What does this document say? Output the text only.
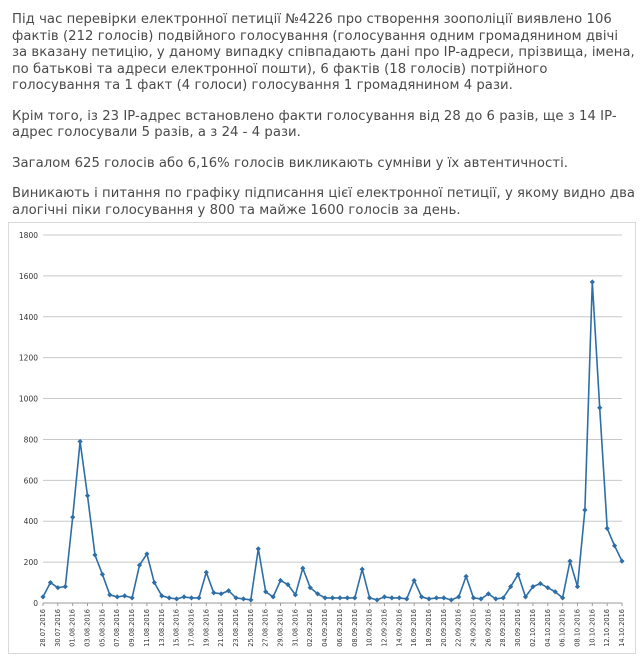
Під час перевірки електронної петиції №4226 про створення зоополіції виявлено 106 фактів (212 голосів) подвійного голосування (голосування одним громадянином двічі за вказану петицію, у даному випадку співпадають дані про IP-адреси, прізвища, імена, по батькові та адреси електронної пошти), 6 фактів (18 голосів) потрійного голосування та 1 факт (4 голоси) голосування 1 громадянином 4 рази.

Крім того, із 23 IP-адрес встановлено факти голосування від 28 до 6 разів, ще з 14 IP-адрес голосували 5 разів, а з 24 - 4 рази.

Загалом 625 голосів або 6,16% голосів викликають сумніви у їх автентичності.

Виникають і питання по графіку підписання цієї електронної петиції, у якому видно два алогічні піки голосування у 800 та майже 1600 голосів за день.

0
200
400
600
800
1000
1200
1400
1600
1800
28.07.2016 30.07.2016 01.08.2016 03.08.2016 05.08.2016 07.08.2016 09.08.2016 11.08.2016 13.08.2016 15.08.2016 17.08.2016 19.08.2016 21.08.2016 23.08.2016 25.08.2016 27.08.2016 29.08.2016 31.08.2016 02.09.2016 04.09.2016 06.09.2016 08.09.2016 10.09.2016 12.09.2016 14.09.2016 16.09.2016 18.09.2016 20.09.2016 22.09.2016 24.09.2016 26.09.2016 28.09.2016 30.09.2016 02.10.2016 04.10.2016 06.10.2016 08.10.2016 10.10.2016 12.10.2016 14.10.2016
